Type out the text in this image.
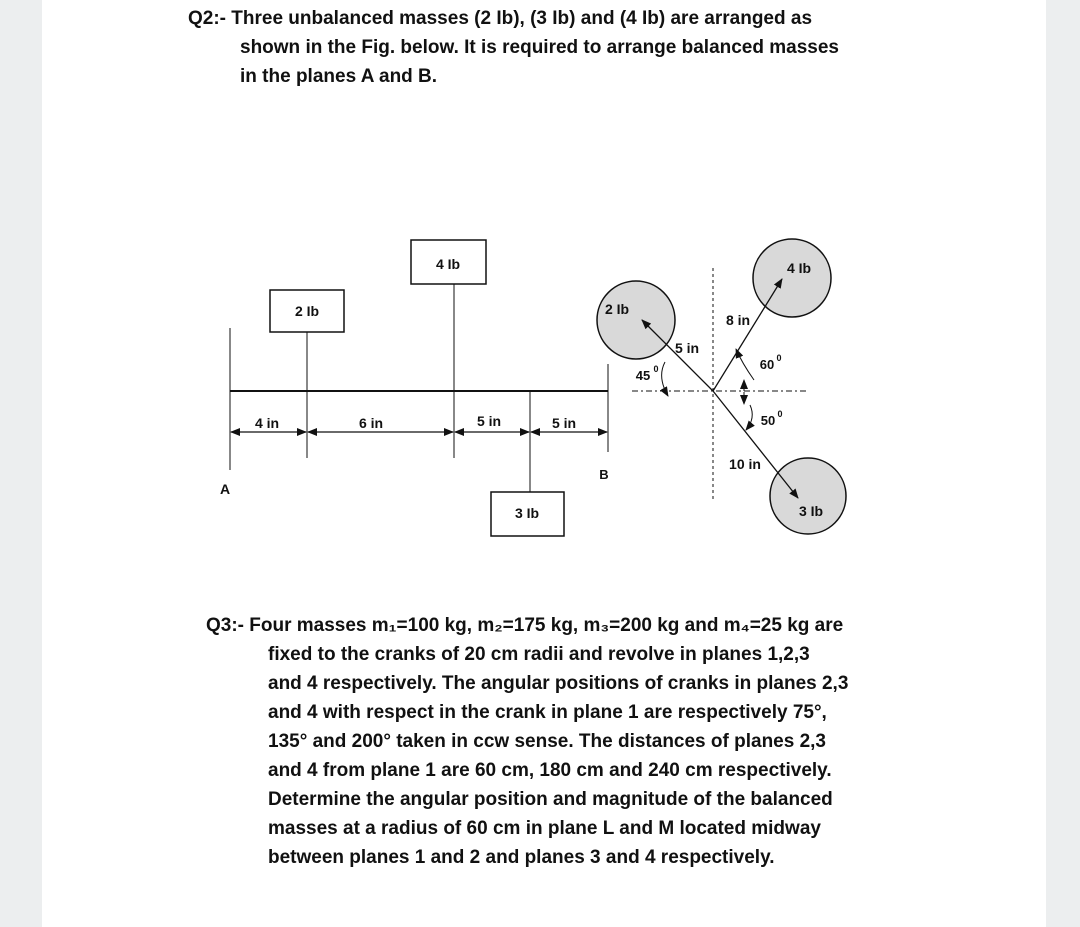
Q2:- Three unbalanced masses (2 Ib), (3 Ib) and (4 Ib) are arranged as
shown in the Fig. below. It is required to arrange balanced masses
in the planes A and B.
2 Ib
4 Ib
3 Ib
4 in	6 in	5 in	5 in
A
B
2 Ib
4 Ib
3 Ib
5 in
8 in
10 in
45 0	60 0
50 0
Q3:- Four masses m₁=100 kg, m₂=175 kg, m₃=200 kg and m₄=25 kg are
fixed to the cranks of 20 cm radii and revolve in planes 1,2,3
and 4 respectively. The angular positions of cranks in planes 2,3
and 4 with respect in the crank in plane 1 are respectively 75°,
135° and 200° taken in ccw sense. The distances of planes 2,3
and 4 from plane 1 are 60 cm, 180 cm and 240 cm respectively.
Determine the angular position and magnitude of the balanced
masses at a radius of 60 cm in plane L and M located midway
between planes 1 and 2 and planes 3 and 4 respectively.
